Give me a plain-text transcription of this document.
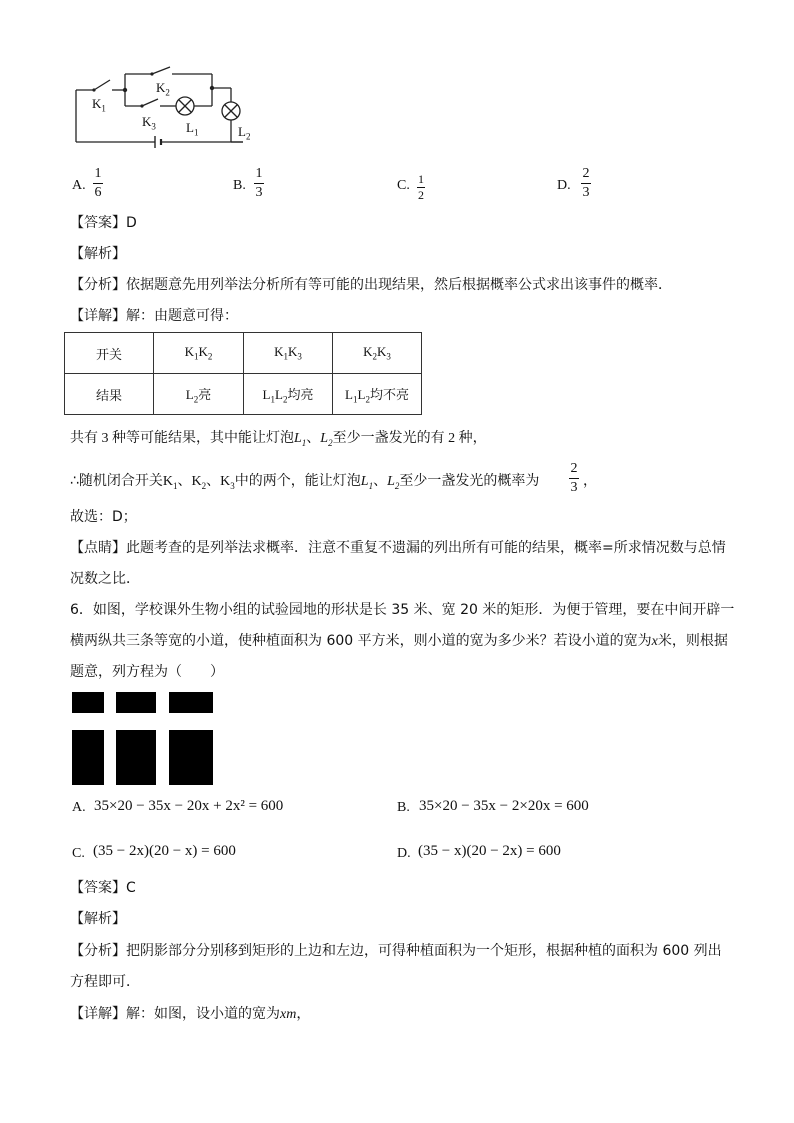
$K_1$
$K_2$
$K_3$ $L_1$	$L_2$
A.
1
6	B.
1
3	C. 1
2
D.
2
3
【答案】D
【解析】
【分析】依据题意先用列举法分析所有等可能的出现结果，然后根据概率公式求出该事件的概率．
【详解】解：由题意可得：
开关	$K_1K_2$	$K_1K_3$	$K_2K_3$
结果	$L_2$亮	$L_1L_2$均亮	$L_1L_2$均不亮
共有 3 种等可能结果，其中能让灯泡$L_1$、$L_2$至少一盏发光的有 2 种，
∴随机闭合开关$K_1$、$K_2$、$K_3$中的两个，能让灯泡$L_1$、$L_2$至少一盏发光的概率为
2
3 ，
故选：D；
【点睛】此题考查的是列举法求概率．注意不重复不遗漏的列出所有可能的结果，概率=所求情况数与总情
况数之比．
6．如图，学校课外生物小组的试验园地的形状是长 35 米、宽 20 米的矩形．为便于管理，要在中间开辟一
横两纵共三条等宽的小道，使种植面积为 600 平方米，则小道的宽为多少米？若设小道的宽为x米，则根据
题意，列方程为（　　）
A. 35×20 − 35x − 20x + 2x² = 600	B. 35×20 − 35x − 2×20x = 600
C. (35 − 2x)(20 − x) = 600	D. (35 − x)(20 − 2x) = 600
【答案】C
【解析】
【分析】把阴影部分分别移到矩形的上边和左边，可得种植面积为一个矩形，根据种植的面积为 600 列出
方程即可．
【详解】解：如图，设小道的宽为xm，
